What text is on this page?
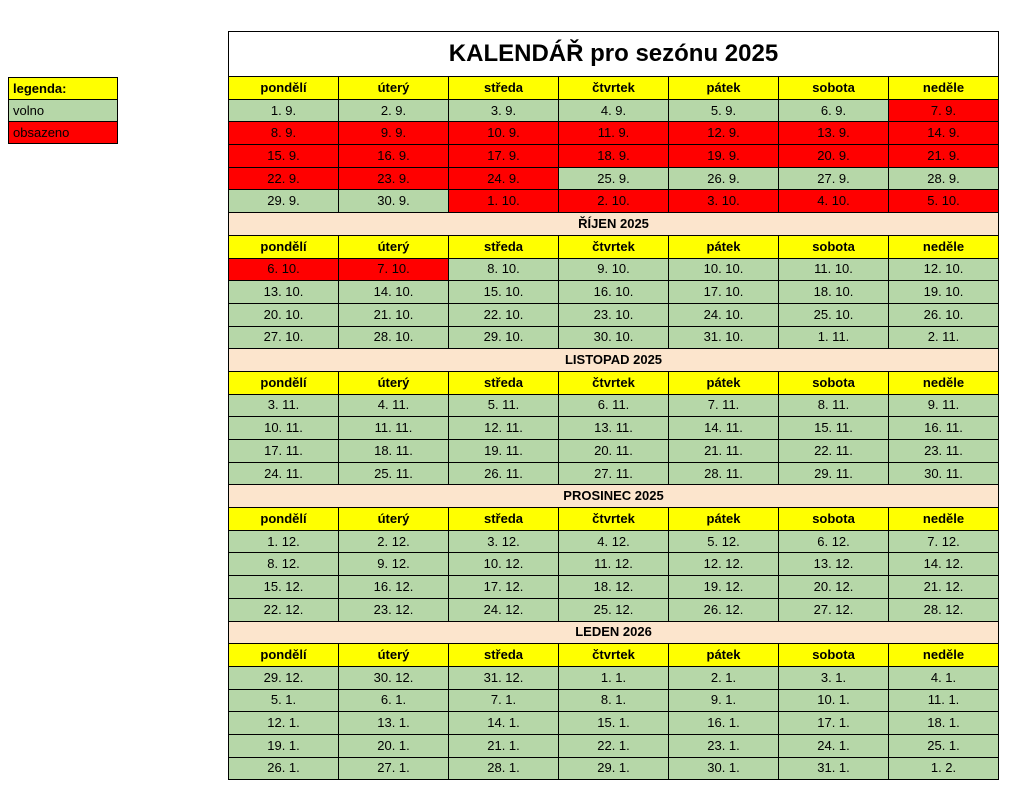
legenda:
volno
obsazeno
KALENDÁŘ pro sezónu 2025						
pondělí	úterý	středa	čtvrtek	pátek	sobota	neděle
1. 9.	2. 9.	3. 9.	4. 9.	5. 9.	6. 9.	7. 9.
8. 9.	9. 9.	10. 9.	11. 9.	12. 9.	13. 9.	14. 9.
15. 9.	16. 9.	17. 9.	18. 9.	19. 9.	20. 9.	21. 9.
22. 9.	23. 9.	24. 9.	25. 9.	26. 9.	27. 9.	28. 9.
29. 9.	30. 9.	1. 10.	2. 10.	3. 10.	4. 10.	5. 10.
ŘÍJEN 2025						
pondělí	úterý	středa	čtvrtek	pátek	sobota	neděle
6. 10.	7. 10.	8. 10.	9. 10.	10. 10.	11. 10.	12. 10.
13. 10.	14. 10.	15. 10.	16. 10.	17. 10.	18. 10.	19. 10.
20. 10.	21. 10.	22. 10.	23. 10.	24. 10.	25. 10.	26. 10.
27. 10.	28. 10.	29. 10.	30. 10.	31. 10.	1. 11.	2. 11.
LISTOPAD 2025						
pondělí	úterý	středa	čtvrtek	pátek	sobota	neděle
3. 11.	4. 11.	5. 11.	6. 11.	7. 11.	8. 11.	9. 11.
10. 11.	11. 11.	12. 11.	13. 11.	14. 11.	15. 11.	16. 11.
17. 11.	18. 11.	19. 11.	20. 11.	21. 11.	22. 11.	23. 11.
24. 11.	25. 11.	26. 11.	27. 11.	28. 11.	29. 11.	30. 11.
PROSINEC 2025						
pondělí	úterý	středa	čtvrtek	pátek	sobota	neděle
1. 12.	2. 12.	3. 12.	4. 12.	5. 12.	6. 12.	7. 12.
8. 12.	9. 12.	10. 12.	11. 12.	12. 12.	13. 12.	14. 12.
15. 12.	16. 12.	17. 12.	18. 12.	19. 12.	20. 12.	21. 12.
22. 12.	23. 12.	24. 12.	25. 12.	26. 12.	27. 12.	28. 12.
LEDEN 2026						
pondělí	úterý	středa	čtvrtek	pátek	sobota	neděle
29. 12.	30. 12.	31. 12.	1. 1.	2. 1.	3. 1.	4. 1.
5. 1.	6. 1.	7. 1.	8. 1.	9. 1.	10. 1.	11. 1.
12. 1.	13. 1.	14. 1.	15. 1.	16. 1.	17. 1.	18. 1.
19. 1.	20. 1.	21. 1.	22. 1.	23. 1.	24. 1.	25. 1.
26. 1.	27. 1.	28. 1.	29. 1.	30. 1.	31. 1.	1. 2.
